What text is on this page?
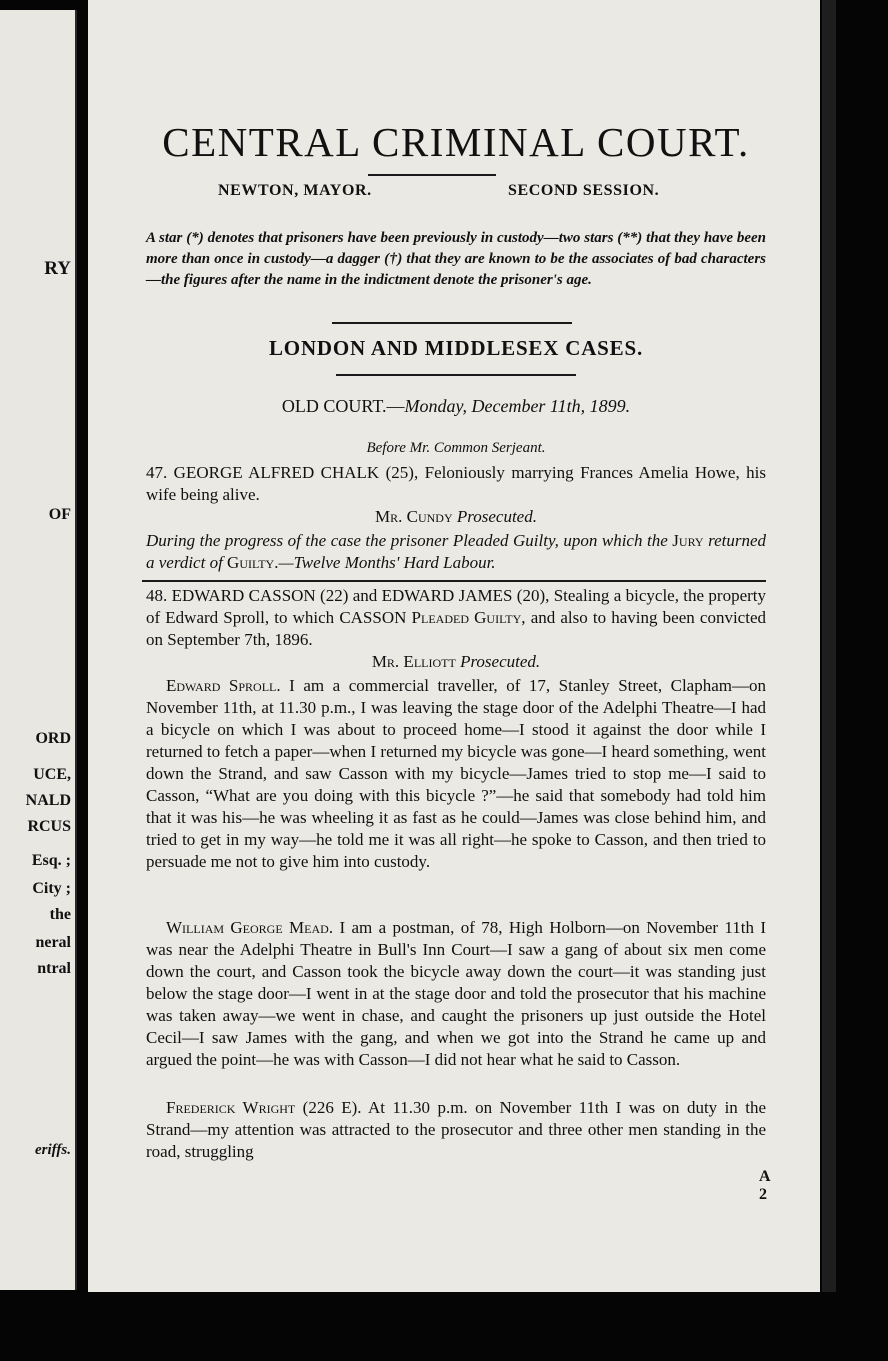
RY
OF
ORD
UCE,
NALD
RCUS
Esq. ;
City ;
the
neral
ntral
eriffs.
CENTRAL CRIMINAL COURT.
NEWTON, MAYOR.	SECOND SESSION.
A star (*) denotes that prisoners have been previously in custody—two stars (**) that they have been more than once in custody—a dagger (†) that they are known to be the associates of bad characters—the figures after the name in the indictment denote the prisoner's age.
LONDON AND MIDDLESEX CASES.
OLD COURT.—Monday, December 11th, 1899.
Before Mr. Common Serjeant.
47. GEORGE ALFRED CHALK (25), Feloniously marrying Frances Amelia Howe, his wife being alive.
Mr. Cundy Prosecuted.
During the progress of the case the prisoner Pleaded Guilty, upon which the Jury returned a verdict of Guilty.—Twelve Months' Hard Labour.
48. EDWARD CASSON (22) and EDWARD JAMES (20), Stealing a bicycle, the property of Edward Sproll, to which CASSON Pleaded Guilty, and also to having been convicted on September 7th, 1896.
Mr. Elliott Prosecuted.
Edward Sproll. I am a commercial traveller, of 17, Stanley Street, Clapham—on November 11th, at 11.30 p.m., I was leaving the stage door of the Adelphi Theatre—I had a bicycle on which I was about to proceed home—I stood it against the door while I returned to fetch a paper—when I returned my bicycle was gone—I heard something, went down the Strand, and saw Casson with my bicycle—James tried to stop me—I said to Casson, “What are you doing with this bicycle ?”—he said that somebody had told him that it was his—he was wheeling it as fast as he could—James was close behind him, and tried to get in my way—he told me it was all right—he spoke to Casson, and then tried to persuade me not to give him into custody.
William George Mead. I am a postman, of 78, High Holborn—on November 11th I was near the Adelphi Theatre in Bull's Inn Court—I saw a gang of about six men come down the court, and Casson took the bicycle away down the court—it was standing just below the stage door—I went in at the stage door and told the prosecutor that his machine was taken away—we went in chase, and caught the prisoners up just outside the Hotel Cecil—I saw James with the gang, and when we got into the Strand he came up and argued the point—he was with Casson—I did not hear what he said to Casson.
Frederick Wright (226 E). At 11.30 p.m. on November 11th I was on duty in the Strand—my attention was attracted to the prosecutor and three other men standing in the road, struggling
A 2
